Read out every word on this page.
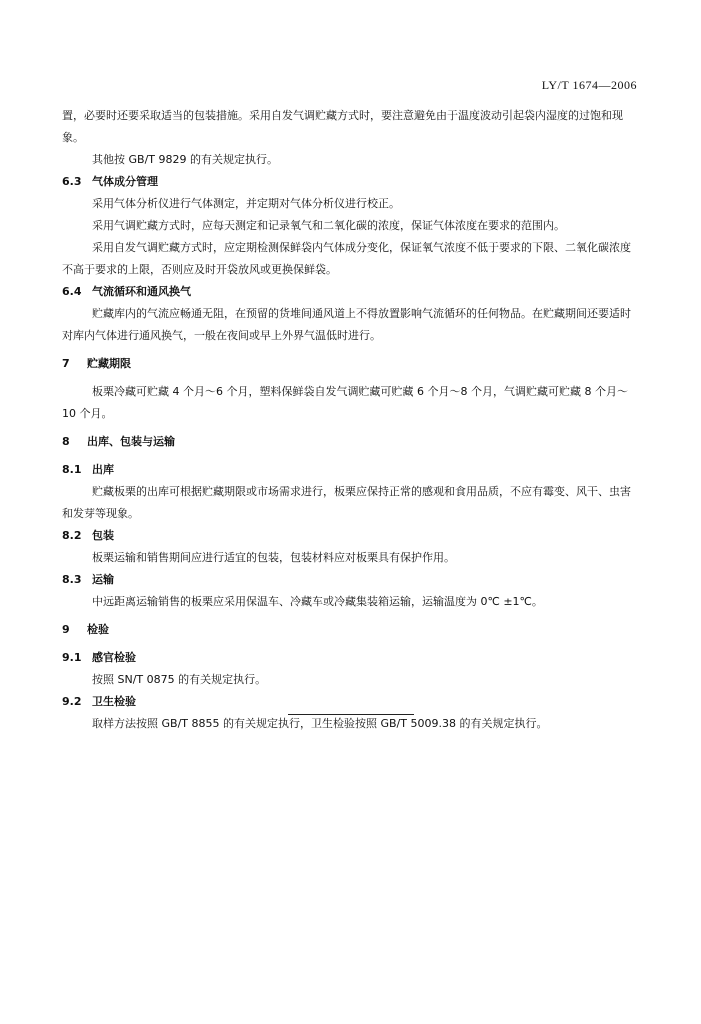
LY/T 1674—2006

置，必要时还要采取适当的包装措施。采用自发气调贮藏方式时，要注意避免由于温度波动引起袋内湿度的过饱和现象。

其他按 GB/T 9829 的有关规定执行。

6.3 气体成分管理

采用气体分析仪进行气体测定，并定期对气体分析仪进行校正。

采用气调贮藏方式时，应每天测定和记录氧气和二氧化碳的浓度，保证气体浓度在要求的范围内。

采用自发气调贮藏方式时，应定期检测保鲜袋内气体成分变化，保证氧气浓度不低于要求的下限、二氧化碳浓度不高于要求的上限，否则应及时开袋放风或更换保鲜袋。

6.4 气流循环和通风换气

贮藏库内的气流应畅通无阻，在预留的货堆间通风道上不得放置影响气流循环的任何物品。在贮藏期间还要适时对库内气体进行通风换气，一般在夜间或早上外界气温低时进行。

7 贮藏期限

板栗冷藏可贮藏 4 个月～6 个月，塑料保鲜袋自发气调贮藏可贮藏 6 个月～8 个月，气调贮藏可贮藏 8 个月～10 个月。

8 出库、包装与运输

8.1 出库

贮藏板栗的出库可根据贮藏期限或市场需求进行，板栗应保持正常的感观和食用品质，不应有霉变、风干、虫害和发芽等现象。

8.2 包装

板栗运输和销售期间应进行适宜的包装，包装材料应对板栗具有保护作用。

8.3 运输

中远距离运输销售的板栗应采用保温车、冷藏车或冷藏集装箱运输，运输温度为 0℃ ±1℃。

9 检验

9.1 感官检验

按照 SN/T 0875 的有关规定执行。

9.2 卫生检验

取样方法按照 GB/T 8855 的有关规定执行，卫生检验按照 GB/T 5009.38 的有关规定执行。
